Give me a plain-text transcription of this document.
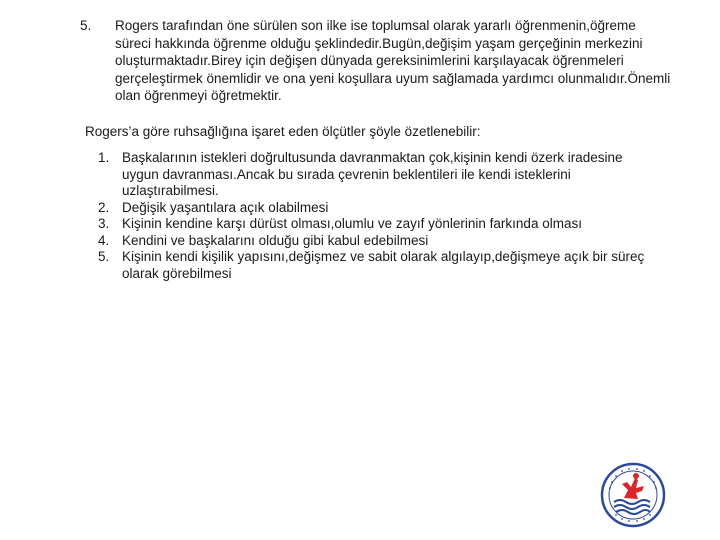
5. Rogers tarafından öne sürülen son ilke ise toplumsal olarak yararlı öğrenmenin,öğreme süreci hakkında öğrenme olduğu şeklindedir.Bugün,değişim yaşam gerçeğinin merkezini oluşturmaktadır.Birey için değişen dünyada gereksinimlerini karşılayacak öğrenmeleri gerçeleştirmek önemlidir ve ona yeni koşullara uyum sağlamada yardımcı olunmalıdır.Önemli olan öğrenmeyi öğretmektir.
Rogers’a göre ruhsağlığına işaret eden ölçütler şöyle özetlenebilir:
1. Başkalarının istekleri doğrultusunda davranmaktan çok,kişinin kendi özerk iradesine uygun davranması.Ancak bu sırada çevrenin beklentileri ile kendi isteklerini uzlaştırabilmesi.
2. Değişik yaşantılara açık olabilmesi
3. Kişinin kendine karşı dürüst olması,olumlu ve zayıf yönlerinin farkında olması
4. Kendini ve başkalarını olduğu gibi kabul edebilmesi
5. Kişinin kendi kişilik yapısını,değişmez ve sabit olarak algılayıp,değişmeye açık bir süreç olarak görebilmesi
